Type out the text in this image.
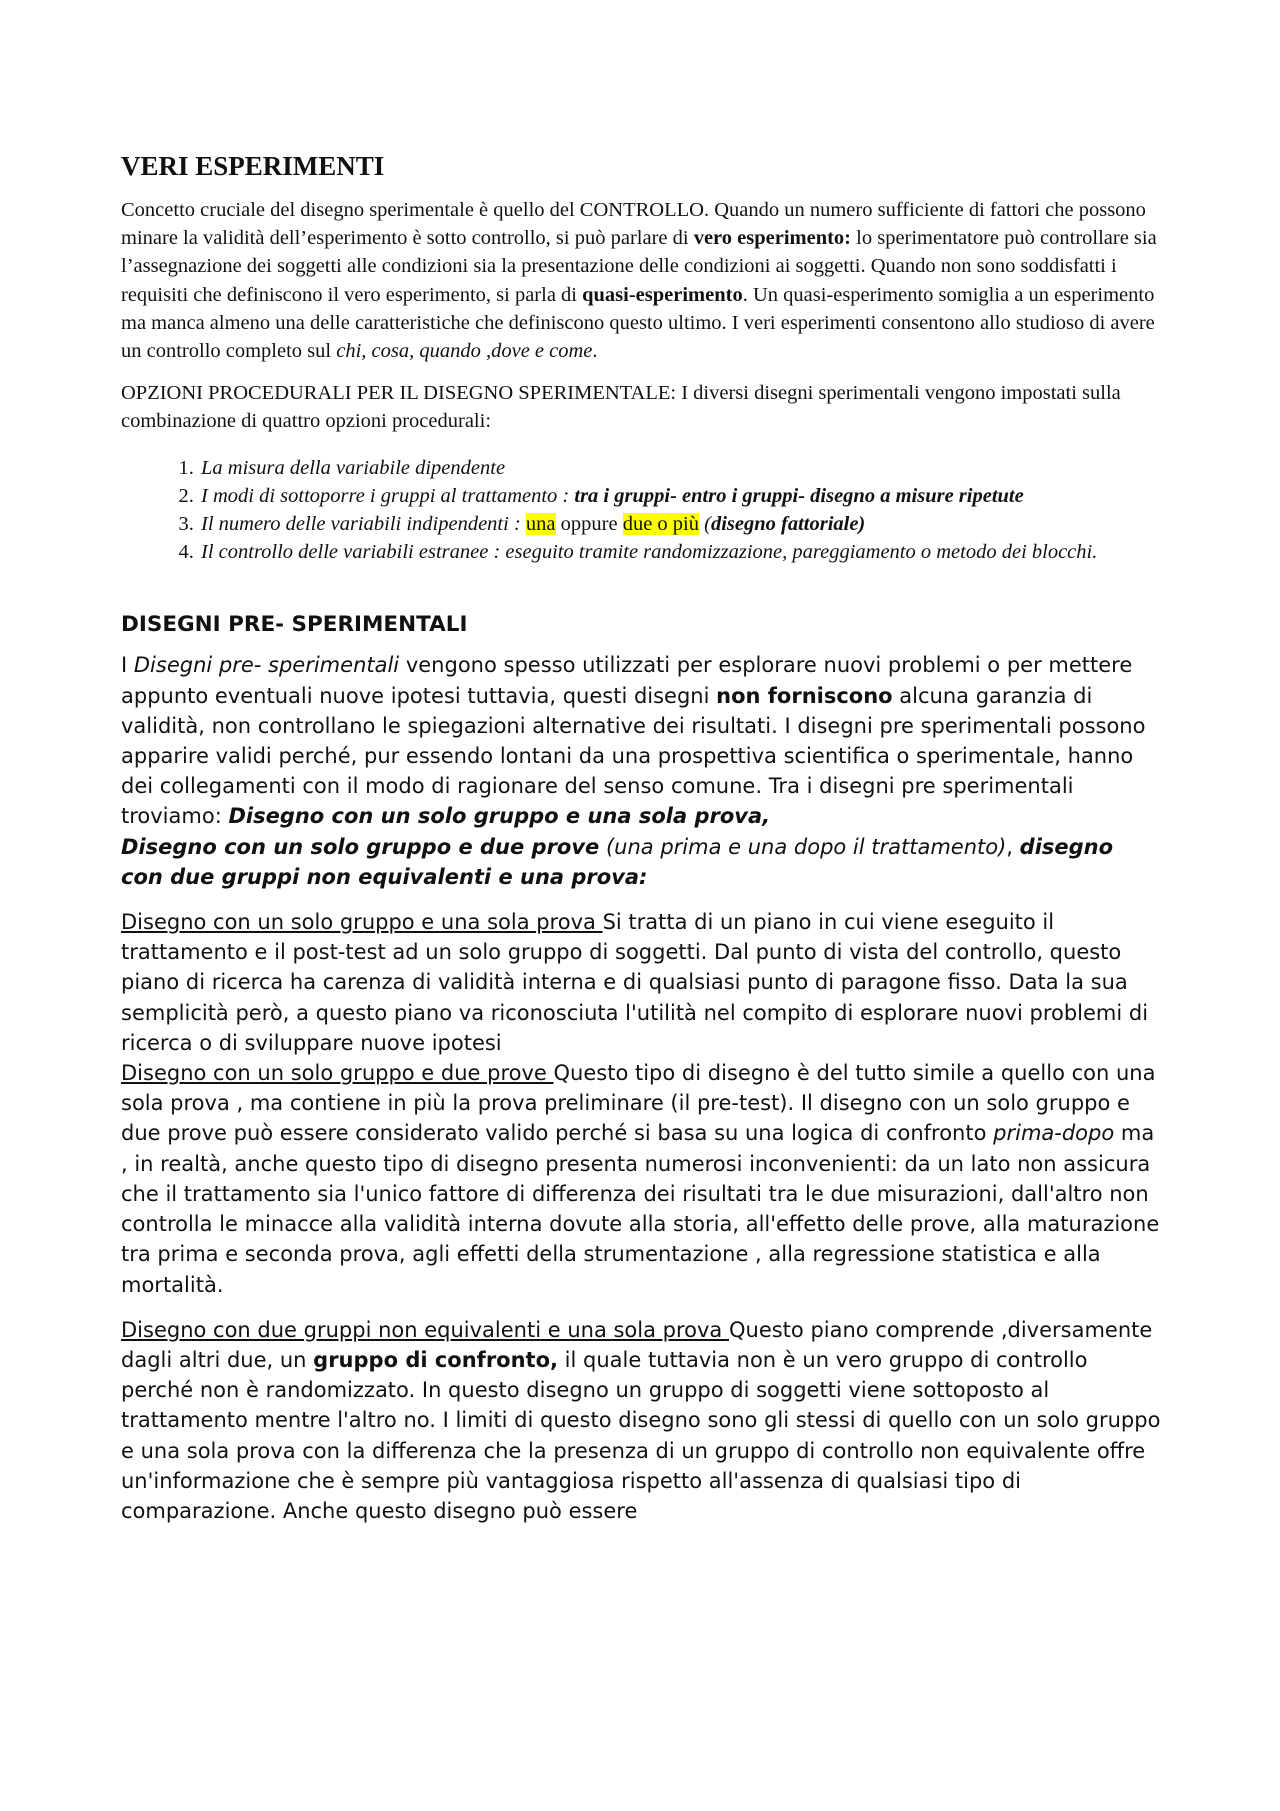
VERI ESPERIMENTI

Concetto cruciale del disegno sperimentale è quello del CONTROLLO. Quando un numero sufficiente di fattori che possono minare la validità dell’esperimento è sotto controllo, si può parlare di vero esperimento: lo sperimentatore può controllare sia l’assegnazione dei soggetti alle condizioni sia la presentazione delle condizioni ai soggetti. Quando non sono soddisfatti i requisiti che definiscono il vero esperimento, si parla di quasi-esperimento. Un quasi-esperimento somiglia a un esperimento ma manca almeno una delle caratteristiche che definiscono questo ultimo. I veri esperimenti consentono allo studioso di avere un controllo completo sul chi, cosa, quando ,dove e come.

OPZIONI PROCEDURALI PER IL DISEGNO SPERIMENTALE: I diversi disegni sperimentali vengono impostati sulla combinazione di quattro opzioni procedurali:

1. La misura della variabile dipendente
2. I modi di sottoporre i gruppi al trattamento : tra i gruppi- entro i gruppi- disegno a misure ripetute
3. Il numero delle variabili indipendenti : una oppure due o più (disegno fattoriale)
4. Il controllo delle variabili estranee : eseguito tramite randomizzazione, pareggiamento o metodo dei blocchi.
DISEGNI PRE- SPERIMENTALI

I Disegni pre- sperimentali vengono spesso utilizzati per esplorare nuovi problemi o per mettere appunto eventuali nuove ipotesi tuttavia, questi disegni non forniscono alcuna garanzia di validità, non controllano le spiegazioni alternative dei risultati. I disegni pre sperimentali possono apparire validi perché, pur essendo lontani da una prospettiva scientifica o sperimentale, hanno dei collegamenti con il modo di ragionare del senso comune. Tra i disegni pre sperimentali troviamo: Disegno con un solo gruppo e una sola prova,Disegno con un solo gruppo e due prove (una prima e una dopo il trattamento), disegno con due gruppi non equivalenti e una prova:

Disegno con un solo gruppo e una sola prova Si tratta di un piano in cui viene eseguito il trattamento e il post-test ad un solo gruppo di soggetti. Dal punto di vista del controllo, questo piano di ricerca ha carenza di validità interna e di qualsiasi punto di paragone fisso. Data la sua semplicità però, a questo piano va riconosciuta l'utilità nel compito di esplorare nuovi problemi di ricerca o di sviluppare nuove ipotesi
Disegno con un solo gruppo e due prove Questo tipo di disegno è del tutto simile a quello con una sola prova , ma contiene in più la prova preliminare (il pre-test). Il disegno con un solo gruppo e due prove può essere considerato valido perché si basa su una logica di confronto prima-dopo ma , in realtà, anche questo tipo di disegno presenta numerosi inconvenienti: da un lato non assicura che il trattamento sia l'unico fattore di differenza dei risultati tra le due misurazioni, dall'altro non controlla le minacce alla validità interna dovute alla storia, all'effetto delle prove, alla maturazione tra prima e seconda prova, agli effetti della strumentazione , alla regressione statistica e alla mortalità.

Disegno con due gruppi non equivalenti e una sola prova Questo piano comprende ,diversamente dagli altri due, un gruppo di confronto, il quale tuttavia non è un vero gruppo di controllo perché non è randomizzato. In questo disegno un gruppo di soggetti viene sottoposto al trattamento mentre l'altro no. I limiti di questo disegno sono gli stessi di quello con un solo gruppo e una sola prova con la differenza che la presenza di un gruppo di controllo non equivalente offre un'informazione che è sempre più vantaggiosa rispetto all'assenza di qualsiasi tipo di comparazione. Anche questo disegno può essere
